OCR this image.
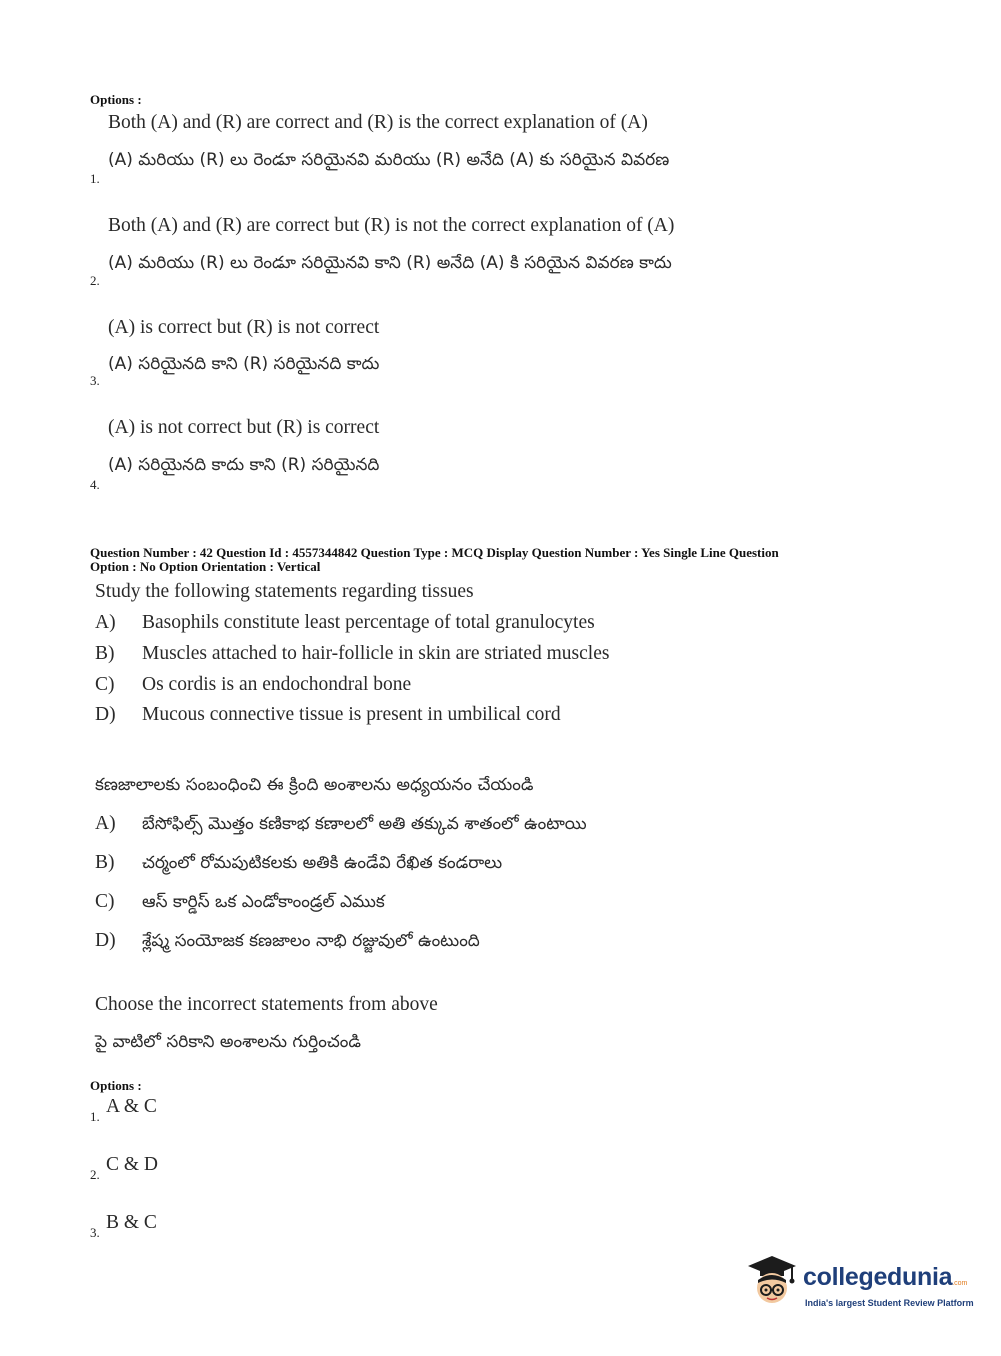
Options :
Both (A) and (R) are correct and (R) is the correct explanation of (A)
1.
(A) మరియు (R) లు రెండూ సరియైనవి మరియు (R) అనేది (A) కు సరియైన వివరణ
Both (A) and (R) are correct but (R) is not the correct explanation of (A)
2.
(A) మరియు (R) లు రెండూ సరియైనవి కాని (R) అనేది (A) కి సరియైన వివరణ కాదు
(A) is correct but (R) is not correct
3.
(A) సరియైనది కాని (R) సరియైనది కాదు
(A) is not correct but (R) is correct
4.
(A) సరియైనది కాదు కాని (R) సరియైనది
Question Number : 42 Question Id : 4557344842 Question Type : MCQ Display Question Number : Yes Single Line Question
Option : No Option Orientation : Vertical
Study the following statements regarding tissues
A) Basophils constitute least percentage of total granulocytes
B) Muscles attached to hair-follicle in skin are striated muscles
C) Os cordis is an endochondral bone
D) Mucous connective tissue is present in umbilical cord
కణజాలాలకు సంబంధించి ఈ క్రింది అంశాలను అధ్యయనం చేయండి
A) బేసోఫిల్స్ మొత్తం కణికాభ కణాలలో అతి తక్కువ శాతంలో ఉంటాయి
B) చర్మంలో రోమపుటికలకు అతికి ఉండేవి రేఖిత కండరాలు
C) ఆస్ కార్డిస్ ఒక ఎండోకాంండ్రల్ ఎముక
D) శ్లేష్మ సంయోజక కణజాలం నాభి రజ్జువులో ఉంటుంది
Choose the incorrect statements from above
పై వాటిలో సరికాని అంశాలను గుర్తించండి
Options :
1. A & C
2. C & D
3. B & C
collegedunia.com
India's largest Student Review Platform
